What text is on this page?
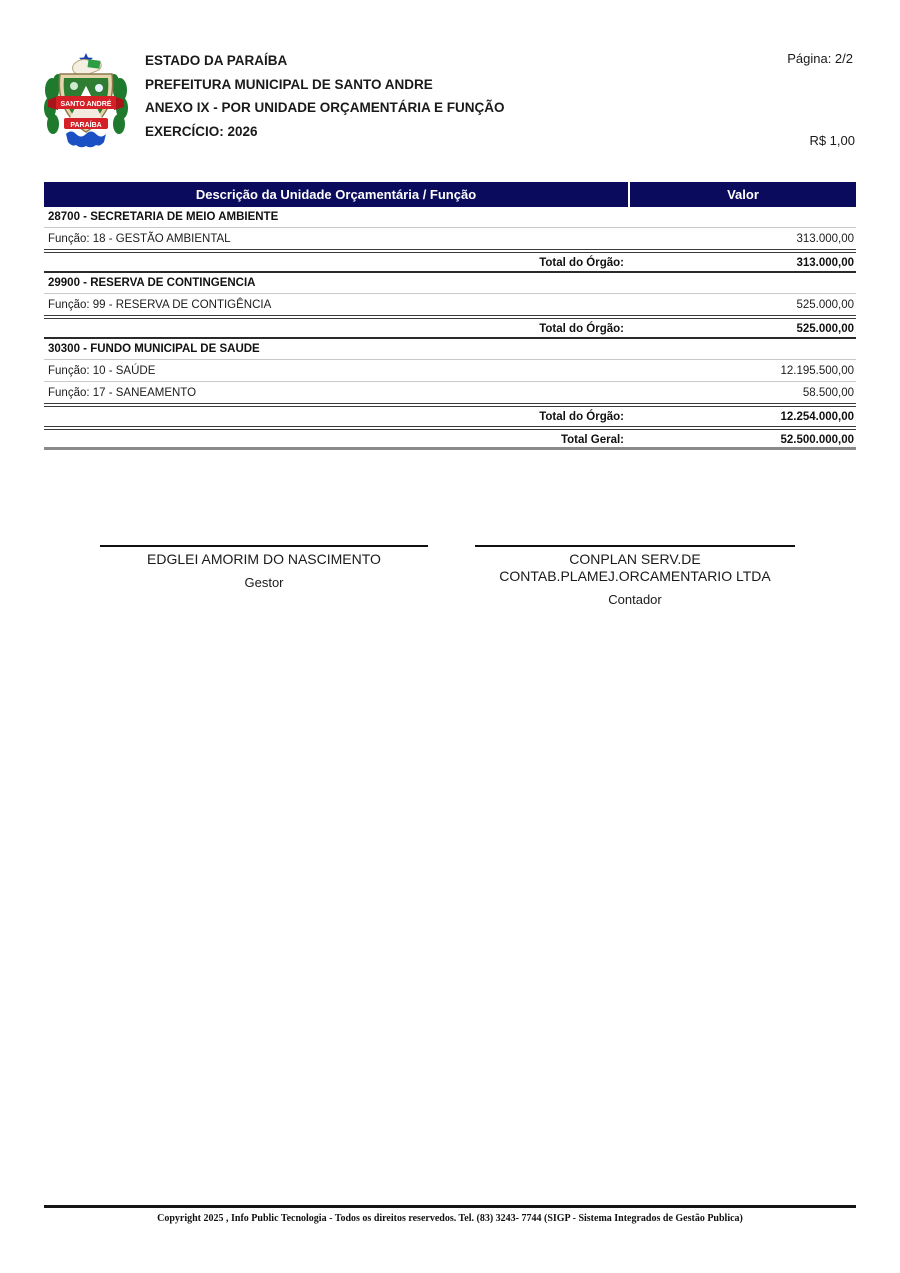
SANTO ANDRÉ
PARAÍBA
ESTADO DA PARAÍBA
PREFEITURA MUNICIPAL DE SANTO ANDRE
ANEXO IX - POR UNIDADE ORÇAMENTÁRIA E FUNÇÃO
EXERCÍCIO: 2026
Página: 2/2
R$ 1,00
Descrição da Unidade Orçamentária / Função	Valor
28700 - SECRETARIA DE MEIO AMBIENTE
Função: 18 - GESTÃO AMBIENTAL	313.000,00
Total do Órgão:	313.000,00
29900 - RESERVA DE CONTINGENCIA
Função: 99 - RESERVA DE CONTIGÊNCIA	525.000,00
Total do Órgão:	525.000,00
30300 - FUNDO MUNICIPAL DE SAUDE
Função: 10 - SAÚDE	12.195.500,00
Função: 17 - SANEAMENTO	58.500,00
Total do Órgão:	12.254.000,00
Total Geral:	52.500.000,00
EDGLEI AMORIM DO NASCIMENTO
Gestor
CONPLAN SERV.DE CONTAB.PLAMEJ.ORCAMENTARIO LTDA
Contador
Copyright 2025 , Info Public Tecnologia - Todos os direitos reservedos. Tel. (83) 3243- 7744 (SIGP - Sistema Integrados de Gestão Publica)
